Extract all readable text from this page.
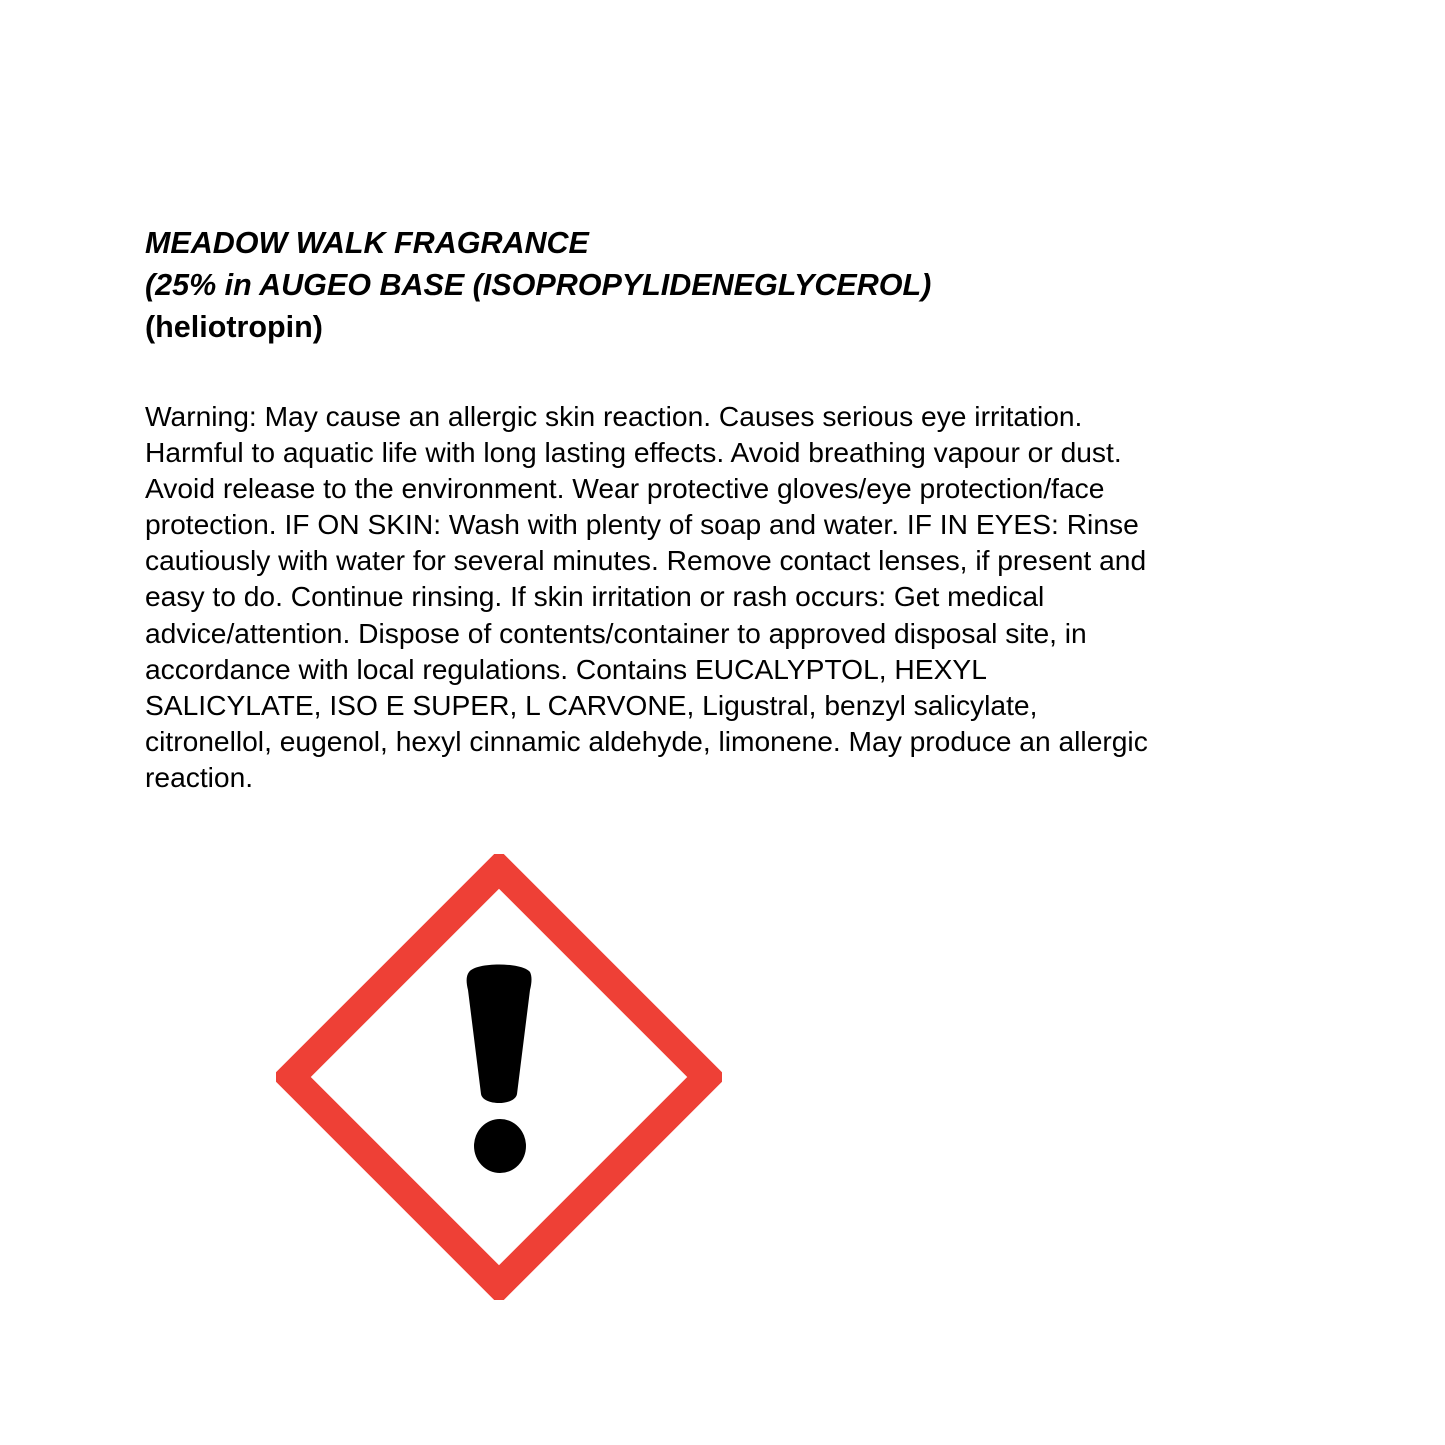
MEADOW WALK FRAGRANCE
(25% in AUGEO BASE (ISOPROPYLIDENEGLYCEROL)
(heliotropin)
Warning: May cause an allergic skin reaction. Causes serious eye irritation. Harmful to aquatic life with long lasting effects. Avoid breathing vapour or dust. Avoid release to the environment. Wear protective gloves/eye protection/face protection. IF ON SKIN: Wash with plenty of soap and water. IF IN EYES: Rinse cautiously with water for several minutes. Remove contact lenses, if present and easy to do. Continue rinsing. If skin irritation or rash occurs: Get medical advice/attention. Dispose of contents/container to approved disposal site, in accordance with local regulations. Contains EUCALYPTOL, HEXYL SALICYLATE, ISO E SUPER, L CARVONE, Ligustral, benzyl salicylate, citronellol, eugenol, hexyl cinnamic aldehyde, limonene. May produce an allergic reaction.
